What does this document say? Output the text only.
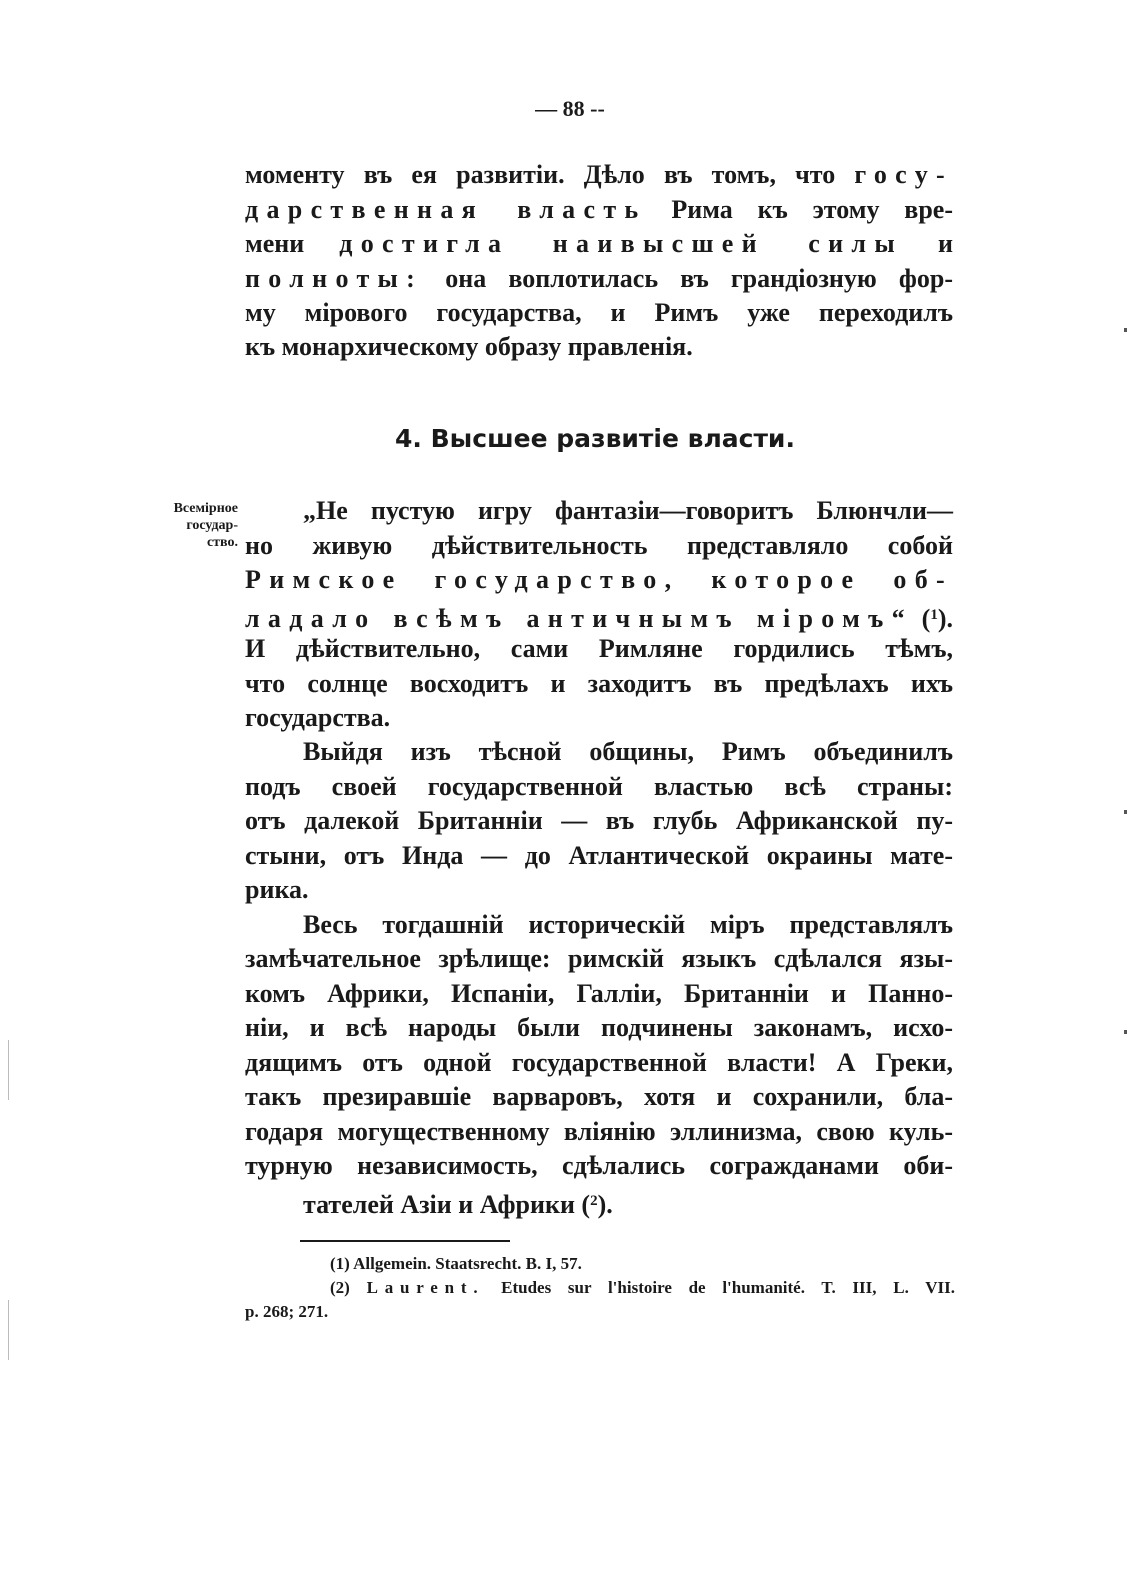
— 88 --
моменту въ ея развитіи. Дѣло въ томъ, что госу-
дарственная власть Рима къ этому вре-
мени достигла наивысшей силы и
полноты: она воплотилась въ грандіозную фор-
му мірового государства, и Римъ уже переходилъ
къ монархическому образу правленія.
4. Высшее развитіе власти.
Всемірное
государ-
ство.
„Не пустую игру фантазіи—говоритъ Блюнчли—
но живую дѣйствительность представляло собой
Римское государство, которое об-
ладало всѣмъ античнымъ міромъ“ ($^1$).
И дѣйствительно, сами Римляне гордились тѣмъ,
что солнце восходитъ и заходитъ въ предѣлахъ ихъ
государства.
Выйдя изъ тѣсной общины, Римъ объединилъ
подъ своей государственной властью всѣ страны:
отъ далекой Британніи — въ глубь Африканской пу-
стыни, отъ Инда — до Атлантической окраины мате-
рика.
Весь тогдашній историческій міръ представлялъ
замѣчательное зрѣлище: римскій языкъ сдѣлался язы-
комъ Африки, Испаніи, Галліи, Британніи и Панно-
ніи, и всѣ народы были подчинены законамъ, исхо-
дящимъ отъ одной государственной власти! А Греки,
такъ презиравшіе варваровъ, хотя и сохранили, бла-
годаря могущественному вліянію эллинизма, свою куль-
турную независимость, сдѣлались согражданами оби-
тателей Азіи и Африки ($^2$).
(1) Allgemein. Staatsrecht. B. I, 57.
(2) Laurent. Etudes sur l'histoire de l'humanité. T. III, L. VII.
p. 268; 271.
